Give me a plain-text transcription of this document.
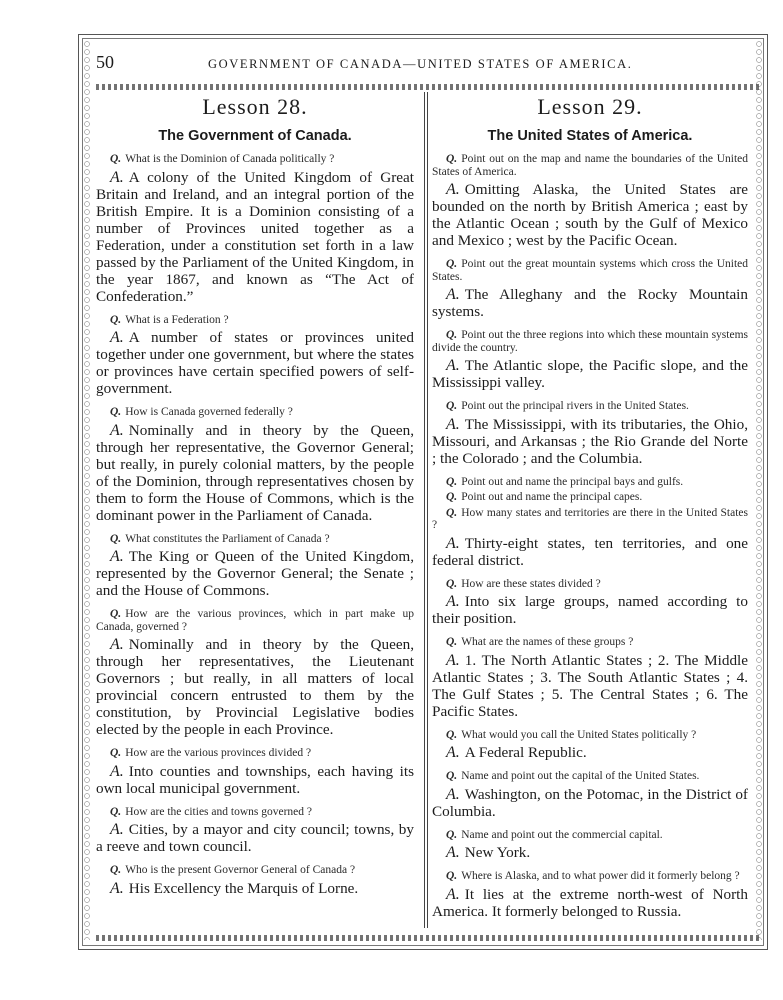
50	GOVERNMENT OF CANADA—UNITED STATES OF AMERICA.
Lesson 28.
The Government of Canada.

Q. What is the Dominion of Canada politically ?

A. A colony of the United Kingdom of Great Britain and Ireland, and an integral portion of the British Empire. It is a Dominion consisting of a number of Provinces united together as a Federation, under a constitution set forth in a law passed by the Parliament of the United Kingdom, in the year 1867, and known as “The Act of Confederation.”

Q. What is a Federation ?

A. A number of states or provinces united together under one government, but where the states or provinces have certain specified powers of self-government.

Q. How is Canada governed federally ?

A. Nominally and in theory by the Queen, through her representative, the Governor General; but really, in purely colonial matters, by the people of the Dominion, through representatives chosen by them to form the House of Commons, which is the dominant power in the Parliament of Canada.

Q. What constitutes the Parliament of Canada ?

A. The King or Queen of the United Kingdom, represented by the Governor General; the Senate ; and the House of Commons.

Q. How are the various provinces, which in part make up Canada, governed ?

A. Nominally and in theory by the Queen, through her representatives, the Lieutenant Governors ; but really, in all matters of local provincial concern entrusted to them by the constitution, by Provincial Legislative bodies elected by the people in each Province.

Q. How are the various provinces divided ?

A. Into counties and townships, each having its own local municipal government.

Q. How are the cities and towns governed ?

A. Cities, by a mayor and city council; towns, by a reeve and town council.

Q. Who is the present Governor General of Canada ?

A. His Excellency the Marquis of Lorne.

Lesson 29.
The United States of America.

Q. Point out on the map and name the boundaries of the United States of America.

A. Omitting Alaska, the United States are bounded on the north by British America ; east by the Atlantic Ocean ; south by the Gulf of Mexico and Mexico ; west by the Pacific Ocean.

Q. Point out the great mountain systems which cross the United States.

A. The Alleghany and the Rocky Mountain systems.

Q. Point out the three regions into which these mountain systems divide the country.

A. The Atlantic slope, the Pacific slope, and the Mississippi valley.

Q. Point out the principal rivers in the United States.

A. The Mississippi, with its tributaries, the Ohio, Missouri, and Arkansas ; the Rio Grande del Norte ; the Colorado ; and the Columbia.

Q. Point out and name the principal bays and gulfs.

Q. Point out and name the principal capes.

Q. How many states and territories are there in the United States ?

A. Thirty-eight states, ten territories, and one federal district.

Q. How are these states divided ?

A. Into six large groups, named according to their position.

Q. What are the names of these groups ?

A. 1. The North Atlantic States ; 2. The Middle Atlantic States ; 3. The South Atlantic States ; 4. The Gulf States ; 5. The Central States ; 6. The Pacific States.

Q. What would you call the United States politically ?

A. A Federal Republic.

Q. Name and point out the capital of the United States.

A. Washington, on the Potomac, in the District of Columbia.

Q. Name and point out the commercial capital.

A. New York.

Q. Where is Alaska, and to what power did it formerly belong ?

A. It lies at the extreme north-west of North America. It formerly belonged to Russia.
